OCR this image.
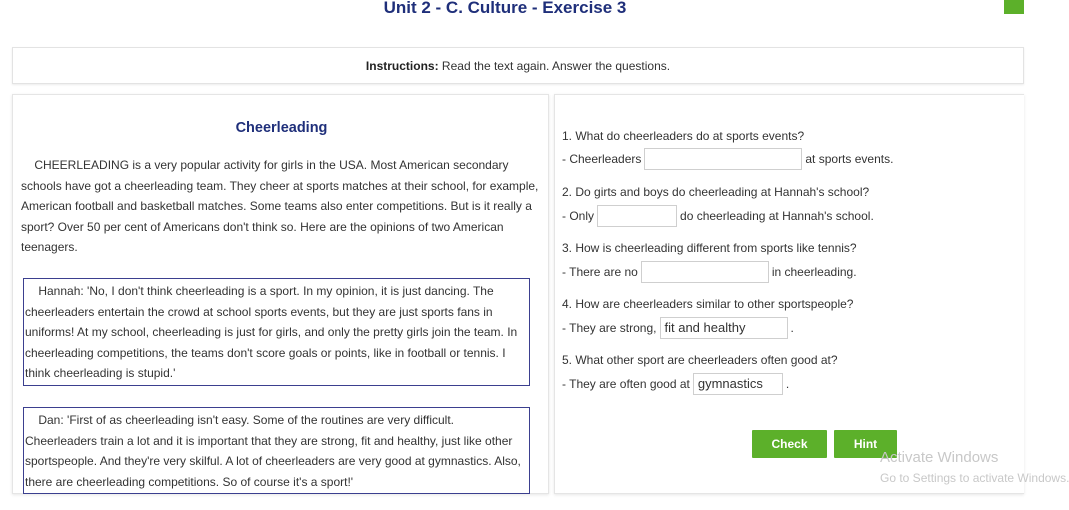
Unit 2 - C. Culture - Exercise 3
Instructions: Read the text again. Answer the questions.
Cheerleading
CHEERLEADING is a very popular activity for girls in the USA. Most American secondary schools have got a cheerleading team. They cheer at sports matches at their school, for example, American football and basketball matches. Some teams also enter competitions. But is it really a sport? Over 50 per cent of Americans don't think so. Here are the opinions of two American teenagers.
Hannah: 'No, I don't think cheerleading is a sport. In my opinion, it is just dancing. The cheerleaders entertain the crowd at school sports events, but they are just sports fans in uniforms! At my school, cheerleading is just for girls, and only the pretty girls join the team. In cheerleading competitions, the teams don't score goals or points, like in football or tennis. I think cheerleading is stupid.'
Dan: 'First of as cheerleading isn't easy. Some of the routines are very difficult. Cheerleaders train a lot and it is important that they are strong, fit and healthy, just like other sportspeople. And they're very skilful. A lot of cheerleaders are very good at gymnastics. Also, there are cheerleading competitions. So of course it's a sport!'
1. What do cheerleaders do at sports events?
- Cheerleaders	at sports events.
2. Do girts and boys do cheerleading at Hannah's school?
- Only	do cheerleading at Hannah's school.
3. How is cheerleading different from sports like tennis?
- There are no	in cheerleading.
4. How are cheerleaders similar to other sportspeople?
- They are strong, fit and healthy	.
5. What other sport are cheerleaders often good at?
- They are often good at gymnastics	.
Check	Hint
Activate Windows
Go to Settings to activate Windows.
